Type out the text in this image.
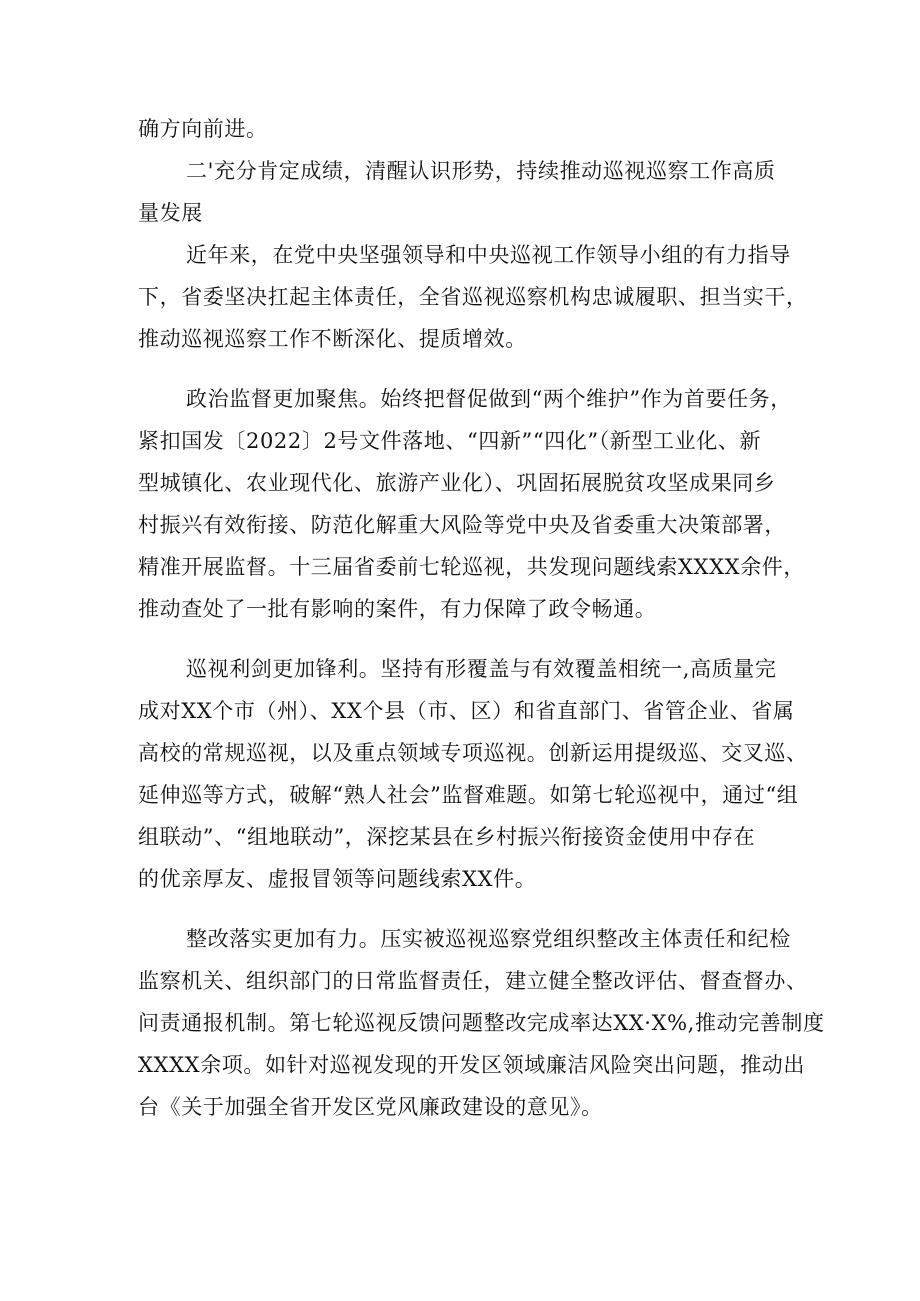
确方向前进。
二'充分肯定成绩，清醒认识形势，持续推动巡视巡察工作高质
量发展
近年来，在党中央坚强领导和中央巡视工作领导小组的有力指导
下，省委坚决扛起主体责任，全省巡视巡察机构忠诚履职、担当实干，
推动巡视巡察工作不断深化、提质增效。
政治监督更加聚焦。始终把督促做到“两个维护”作为首要任务，
紧扣国发〔2022〕2号文件落地、“四新”“四化”（新型工业化、新
型城镇化、农业现代化、旅游产业化）、巩固拓展脱贫攻坚成果同乡
村振兴有效衔接、防范化解重大风险等党中央及省委重大决策部署，
精准开展监督。十三届省委前七轮巡视，共发现问题线索XXXX余件，
推动查处了一批有影响的案件，有力保障了政令畅通。
巡视利剑更加锋利。坚持有形覆盖与有效覆盖相统一,高质量完
成对XX个市（州）、XX个县（市、区）和省直部门、省管企业、省属
高校的常规巡视，以及重点领域专项巡视。创新运用提级巡、交叉巡、
延伸巡等方式，破解“熟人社会”监督难题。如第七轮巡视中，通过“组
组联动”、“组地联动”，深挖某县在乡村振兴衔接资金使用中存在
的优亲厚友、虚报冒领等问题线索XX件。
整改落实更加有力。压实被巡视巡察党组织整改主体责任和纪检
监察机关、组织部门的日常监督责任，建立健全整改评估、督查督办、
问责通报机制。第七轮巡视反馈问题整改完成率达XX·X%,推动完善制度
XXXX余项。如针对巡视发现的开发区领域廉洁风险突出问题，推动出
台《关于加强全省开发区党风廉政建设的意见》。
